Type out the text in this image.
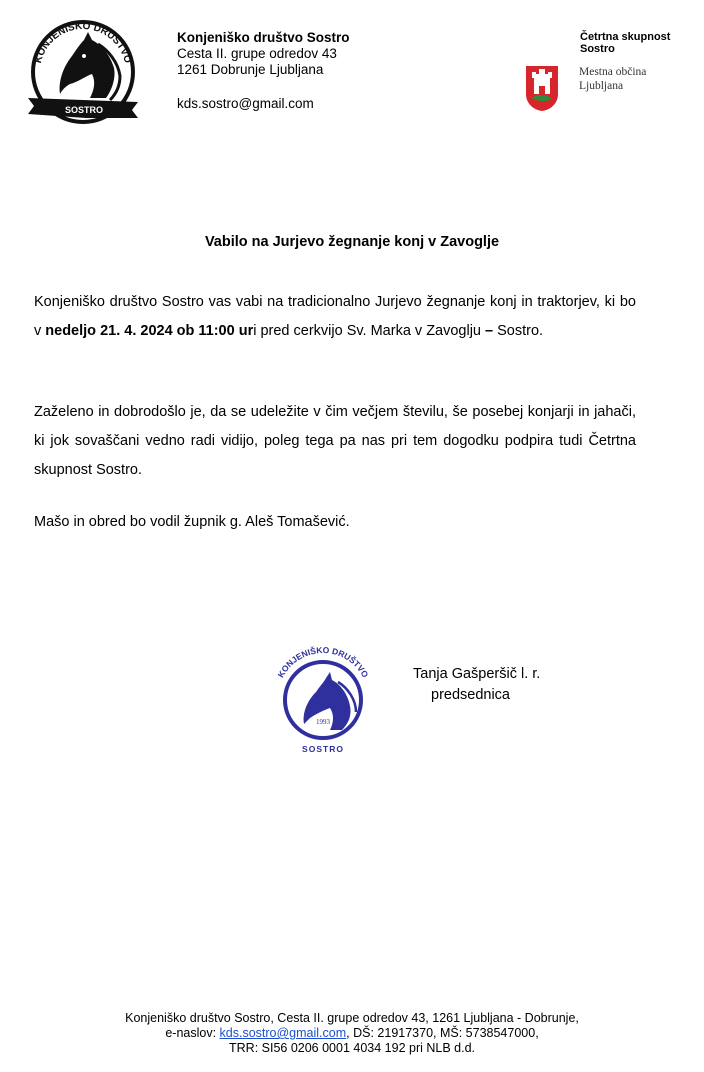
KONJENIŠKO DRUŠTVO
SOSTRO
Konjeniško društvo Sostro
Cesta II. grupe odredov 43
1261 Dobrunje Ljubljana
kds.sostro@gmail.com
Četrtna skupnost
Sostro
Mestna občina
Ljubljana
Vabilo na Jurjevo žegnanje konj v Zavoglje
Konjeniško društvo Sostro vas vabi na tradicionalno Jurjevo žegnanje konj in traktorjev, ki bo v nedeljo 21. 4. 2024 ob 11:00 uri pred cerkvijo Sv. Marka v Zavoglju – Sostro.
Zaželeno in dobrodošlo je, da se udeležite v čim večjem številu, še posebej konjarji in jahači, ki jok sovaščani vedno radi vidijo, poleg tega pa nas pri tem dogodku podpira tudi Četrtna skupnost Sostro.
Mašo in obred bo vodil župnik g. Aleš Tomašević.
KONJENIŠKO DRUŠTVO
1993
SOSTRO
Tanja Gašperšič l. r.
predsednica
Konjeniško društvo Sostro, Cesta II. grupe odredov 43, 1261 Ljubljana - Dobrunje,
e-naslov: kds.sostro@gmail.com, DŠ: 21917370, MŠ: 5738547000,
TRR: SI56 0206 0001 4034 192 pri NLB d.d.
